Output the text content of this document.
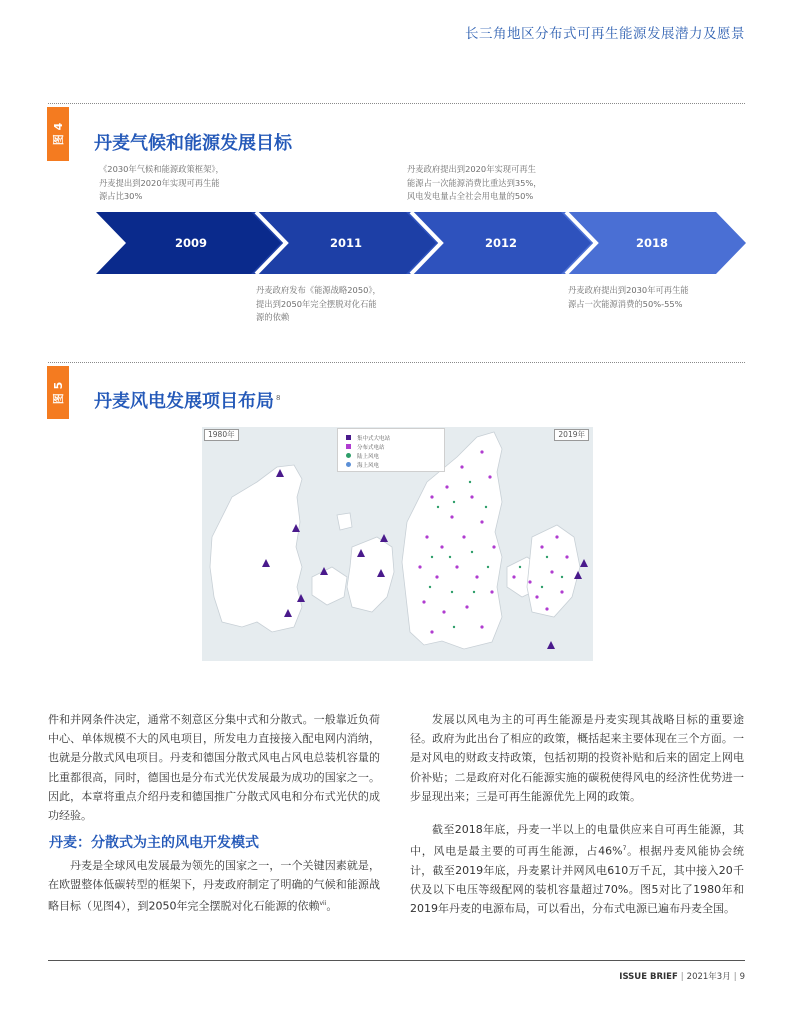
长三角地区分布式可再生能源发展潜力及愿景
图 4 丹麦气候和能源发展目标
《2030年气候和能源政策框架》，
丹麦提出到2020年实现可再生能
源占比30%
丹麦政府提出到2020年实现可再生
能源占一次能源消费比重达到35%，
风电发电量占全社会用电量的50%
2009	2011	2012	2018
丹麦政府发布《能源战略2050》，
提出到2050年完全摆脱对化石能
源的依赖
丹麦政府提出到2030年可再生能
源占一次能源消费的50%-55%
图 5 丹麦风电发展项目布局 $^8$
1980年	2019年
集中式大电站
分布式电站
陆上风电
海上风电

件和并网条件决定，通常不刻意区分集中式和分散式。一般靠近负荷中心、单体规模不大的风电项目，所发电力直接接入配电网内消纳，也就是分散式风电项目。丹麦和德国分散式风电占风电总装机容量的比重都很高，同时，德国也是分布式光伏发展最为成功的国家之一。因此，本章将重点介绍丹麦和德国推广分散式风电和分布式光伏的成功经验。

丹麦：分散式为主的风电开发模式

丹麦是全球风电发展最为领先的国家之一，一个关键因素就是，在欧盟整体低碳转型的框架下，丹麦政府制定了明确的气候和能源战略目标（见图4），到2050年完全摆脱对化石能源的依赖$^{vii}$。

发展以风电为主的可再生能源是丹麦实现其战略目标的重要途径。政府为此出台了相应的政策，概括起来主要体现在三个方面。一是对风电的财政支持政策，包括初期的投资补贴和后来的固定上网电价补贴；二是政府对化石能源实施的碳税使得风电的经济性优势进一步显现出来；三是可再生能源优先上网的政策。

截至2018年底，丹麦一半以上的电量供应来自可再生能源，其中，风电是最主要的可再生能源，占46%$^7$。根据丹麦风能协会统计，截至2019年底，丹麦累计并网风电610万千瓦，其中接入20千伏及以下电压等级配网的装机容量超过70%。图5对比了1980年和2019年丹麦的电源布局，可以看出，分布式电源已遍布丹麦全国。

ISSUE BRIEF | 2021年3月 | 9
